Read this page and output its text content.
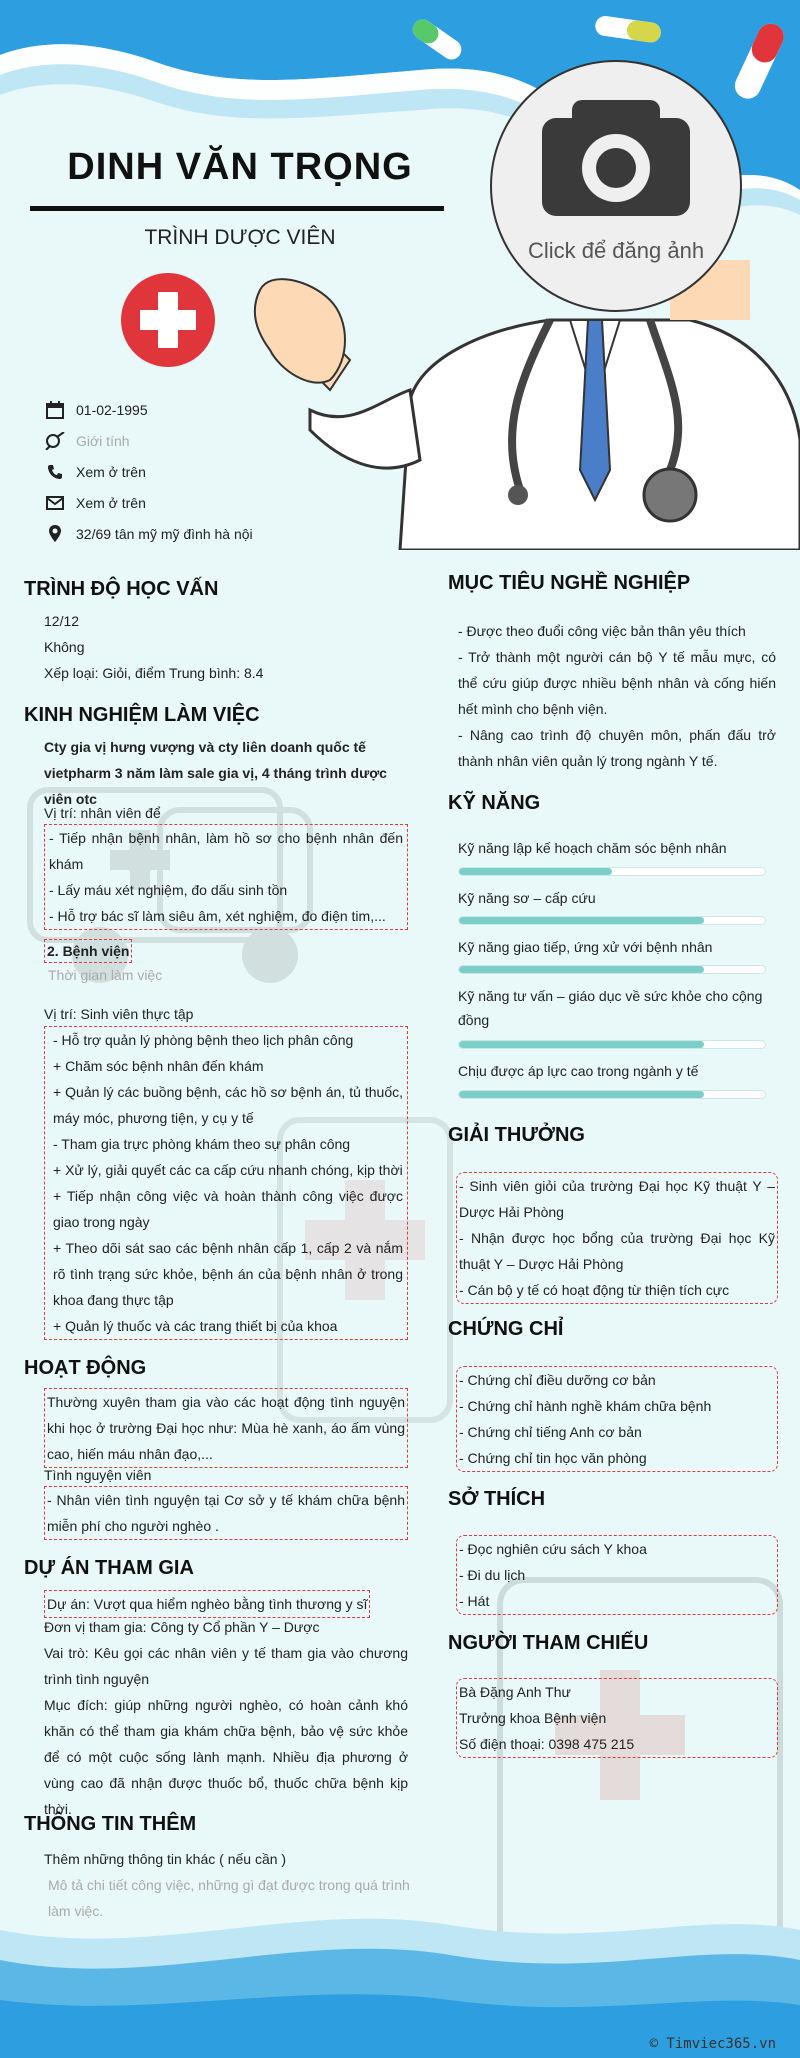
DINH VĂN TRỌNG
TRÌNH DƯỢC VIÊN
Click để đăng ảnh
01-02-1995
Giới tính
Xem ở trên
Xem ở trên
32/69 tân mỹ mỹ đình hà nội
TRÌNH ĐỘ HỌC VẤN
12/12
Không
Xếp loại: Giỏi, điểm Trung bình: 8.4
KINH NGHIỆM LÀM VIỆC
Cty gia vị hưng vượng và cty liên doanh quốc tế vietpharm 3 năm làm sale gia vị, 4 tháng trình dược viên otc
Vị trí: nhân viên để
- Tiếp nhận bệnh nhân, làm hồ sơ cho bệnh nhân đến khám
- Lấy máu xét nghiệm, đo dấu sinh tồn
- Hỗ trợ bác sĩ làm siêu âm, xét nghiệm, đo điện tim,...
2. Bệnh viện
Thời gian làm việc
Vị trí: Sinh viên thực tập
- Hỗ trợ quản lý phòng bệnh theo lịch phân công
+ Chăm sóc bệnh nhân đến khám
+ Quản lý các buồng bệnh, các hồ sơ bệnh án, tủ thuốc, máy móc, phương tiện, y cụ y tế
- Tham gia trực phòng khám theo sự phân công
+ Xử lý, giải quyết các ca cấp cứu nhanh chóng, kịp thời
+ Tiếp nhận công việc và hoàn thành công việc được giao trong ngày
+ Theo dõi sát sao các bệnh nhân cấp 1, cấp 2 và nắm rõ tình trạng sức khỏe, bệnh án của bệnh nhân ở trong khoa đang thực tập
+ Quản lý thuốc và các trang thiết bị của khoa
HOẠT ĐỘNG
Thường xuyên tham gia vào các hoạt động tình nguyện khi học ở trường Đại học như: Mùa hè xanh, áo ấm vùng cao, hiến máu nhân đạo,...
Tình nguyện viên
- Nhân viên tình nguyện tại Cơ sở y tế khám chữa bệnh miễn phí cho người nghèo .
DỰ ÁN THAM GIA
Dự án: Vượt qua hiểm nghèo bằng tình thương y sĩ
Đơn vị tham gia: Công ty Cổ phần Y – Dược
Vai trò: Kêu gọi các nhân viên y tế tham gia vào chương trình tình nguyện
Mục đích: giúp những người nghèo, có hoàn cảnh khó khăn có thể tham gia khám chữa bệnh, bảo vệ sức khỏe để có một cuộc sống lành mạnh. Nhiều địa phương ở vùng cao đã nhận được thuốc bổ, thuốc chữa bệnh kịp thời.
THÔNG TIN THÊM
Thêm những thông tin khác ( nếu cần )
Mô tả chi tiết công việc, những gì đạt được trong quá trình làm việc.
MỤC TIÊU NGHỀ NGHIỆP
- Được theo đuổi công việc bản thân yêu thích
- Trở thành một người cán bộ Y tế mẫu mực, có thể cứu giúp được nhiều bệnh nhân và cống hiến hết mình cho bệnh viện.
- Nâng cao trình độ chuyên môn, phấn đấu trở thành nhân viên quản lý trong ngành Y tế.
KỸ NĂNG
Kỹ năng lập kế hoạch chăm sóc bệnh nhân
Kỹ năng sơ – cấp cứu
Kỹ năng giao tiếp, ứng xử với bệnh nhân
Kỹ năng tư vấn – giáo dục về sức khỏe cho cộng đồng
Chịu được áp lực cao trong ngành y tế
GIẢI THƯỞNG
- Sinh viên giỏi của trường Đại học Kỹ thuật Y – Dược Hải Phòng
- Nhận được học bổng của trường Đại học Kỹ thuật Y – Dược Hải Phòng
- Cán bộ y tế có hoạt động từ thiện tích cực
CHỨNG CHỈ
- Chứng chỉ điều dưỡng cơ bản
- Chứng chỉ hành nghề khám chữa bệnh
- Chứng chỉ tiếng Anh cơ bản
- Chứng chỉ tin học văn phòng
SỞ THÍCH
- Đọc nghiên cứu sách Y khoa
- Đi du lịch
- Hát
NGƯỜI THAM CHIẾU
Bà Đặng Anh Thư
Trưởng khoa Bệnh viện
Số điện thoại: 0398 475 215
© Timviec365.vn
